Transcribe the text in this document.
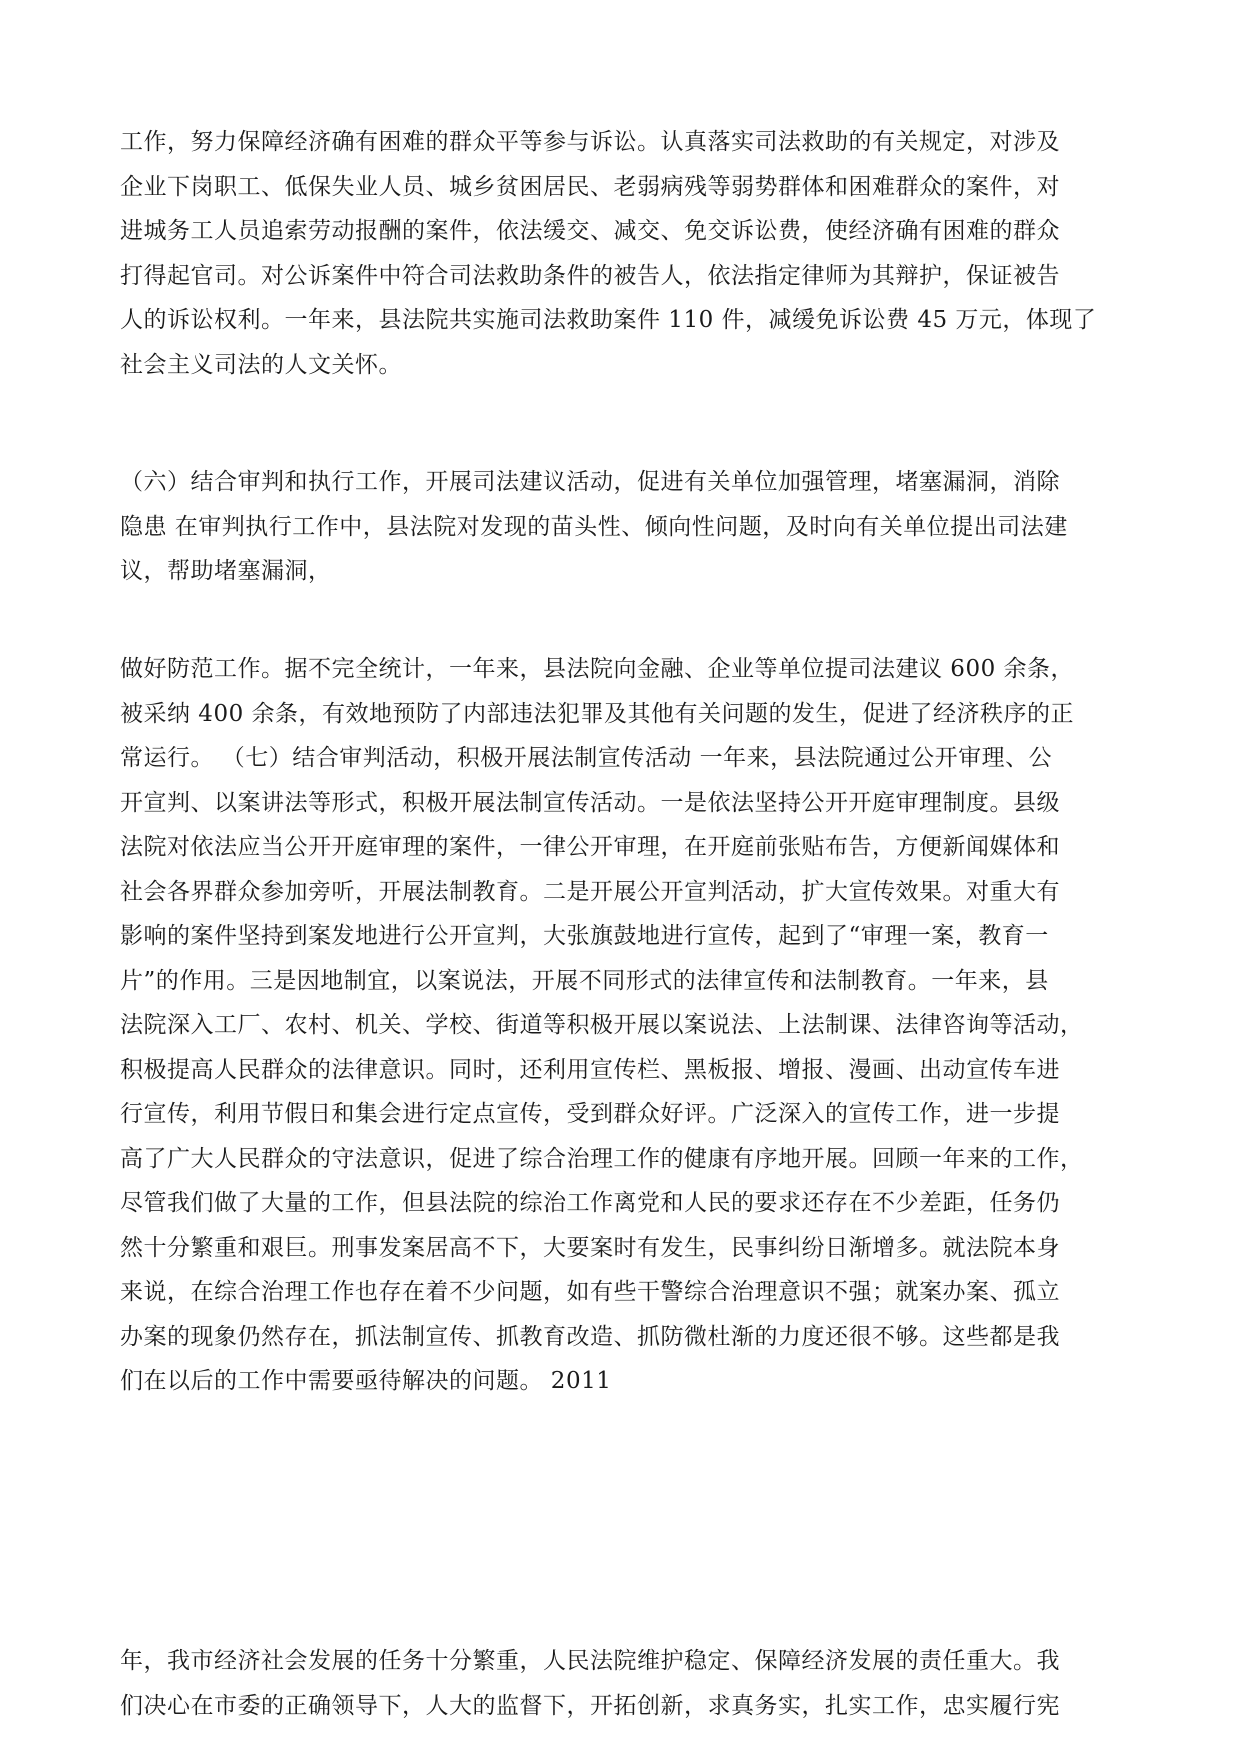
工作，努力保障经济确有困难的群众平等参与诉讼。认真落实司法救助的有关规定，对涉及
企业下岗职工、低保失业人员、城乡贫困居民、老弱病残等弱势群体和困难群众的案件，对
进城务工人员追索劳动报酬的案件，依法缓交、减交、免交诉讼费，使经济确有困难的群众
打得起官司。对公诉案件中符合司法救助条件的被告人，依法指定律师为其辩护，保证被告
人的诉讼权利。一年来，县法院共实施司法救助案件 110 件，减缓免诉讼费 45 万元，体现了
社会主义司法的人文关怀。
（六）结合审判和执行工作，开展司法建议活动，促进有关单位加强管理，堵塞漏洞，消除
隐患 在审判执行工作中，县法院对发现的苗头性、倾向性问题，及时向有关单位提出司法建
议，帮助堵塞漏洞，
做好防范工作。据不完全统计，一年来，县法院向金融、企业等单位提司法建议 600 余条，
被采纳 400 余条，有效地预防了内部违法犯罪及其他有关问题的发生，促进了经济秩序的正
常运行。 （七）结合审判活动，积极开展法制宣传活动 一年来，县法院通过公开审理、公
开宣判、以案讲法等形式，积极开展法制宣传活动。一是依法坚持公开开庭审理制度。县级
法院对依法应当公开开庭审理的案件，一律公开审理，在开庭前张贴布告，方便新闻媒体和
社会各界群众参加旁听，开展法制教育。二是开展公开宣判活动，扩大宣传效果。对重大有
影响的案件坚持到案发地进行公开宣判，大张旗鼓地进行宣传，起到了“审理一案，教育一
片”的作用。三是因地制宜，以案说法，开展不同形式的法律宣传和法制教育。一年来，县
法院深入工厂、农村、机关、学校、街道等积极开展以案说法、上法制课、法律咨询等活动，
积极提高人民群众的法律意识。同时，还利用宣传栏、黑板报、增报、漫画、出动宣传车进
行宣传，利用节假日和集会进行定点宣传，受到群众好评。广泛深入的宣传工作，进一步提
高了广大人民群众的守法意识，促进了综合治理工作的健康有序地开展。回顾一年来的工作，
尽管我们做了大量的工作，但县法院的综治工作离党和人民的要求还存在不少差距，任务仍
然十分繁重和艰巨。刑事发案居高不下，大要案时有发生，民事纠纷日渐增多。就法院本身
来说，在综合治理工作也存在着不少问题，如有些干警综合治理意识不强；就案办案、孤立
办案的现象仍然存在，抓法制宣传、抓教育改造、抓防微杜渐的力度还很不够。这些都是我
们在以后的工作中需要亟待解决的问题。 2011
年，我市经济社会发展的任务十分繁重，人民法院维护稳定、保障经济发展的责任重大。我
们决心在市委的正确领导下，人大的监督下，开拓创新，求真务实，扎实工作，忠实履行宪
